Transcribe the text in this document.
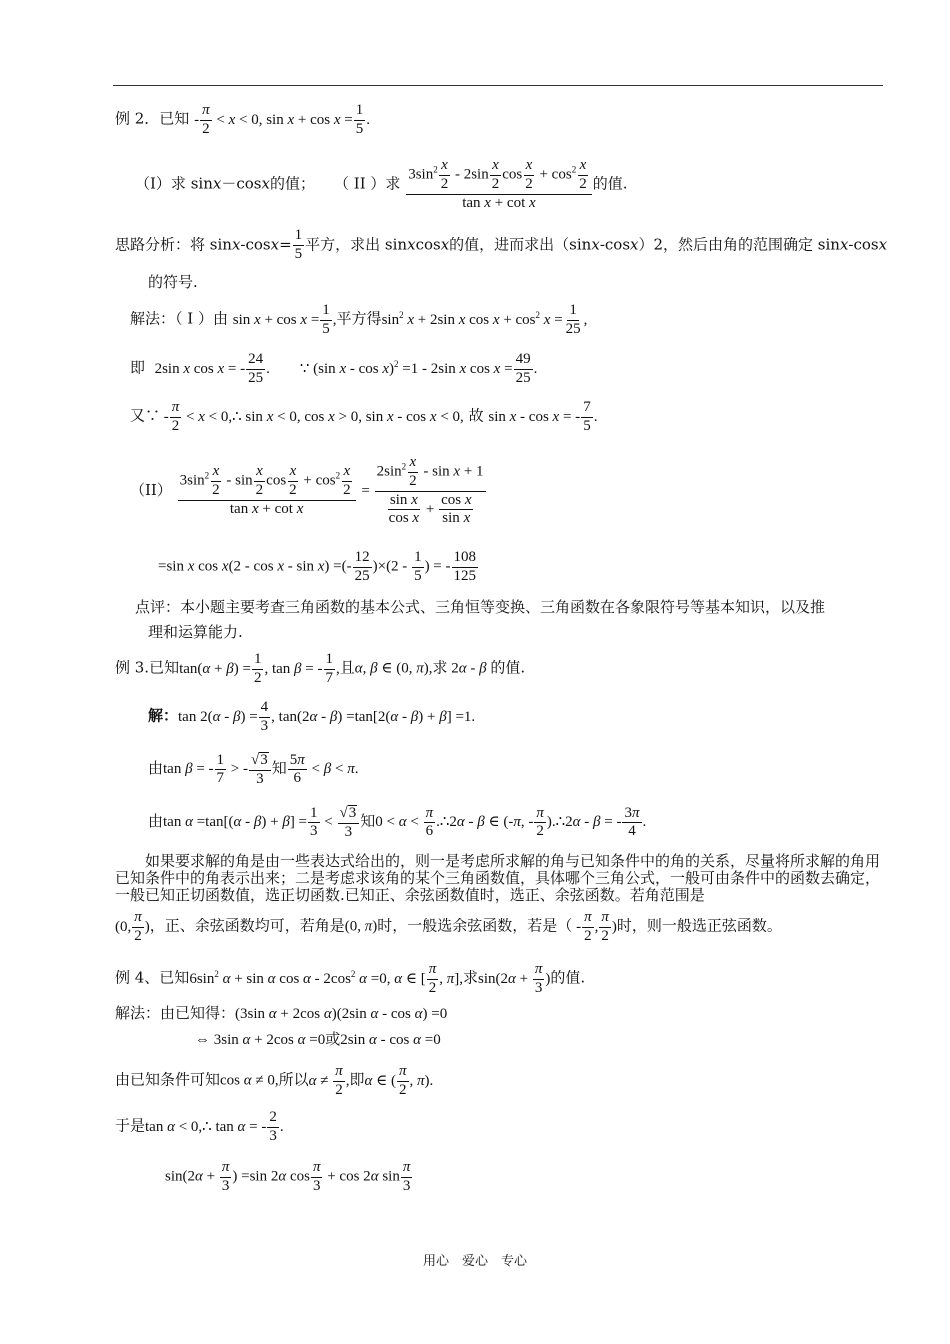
例 2．已知 - $\frac{\pi}{2} < x < 0$, $\sin x + \cos x = \frac{1}{5}$ .
（I）求 sinx－cosx的值； （ II ）求 $\frac{3\sin^2 \frac{x}{2} - 2\sin \frac{x}{2} \cos \frac{x}{2} + \cos^2 \frac{x}{2}}{\text{tan x + cot x}}$ 的值.
思路分析：将 $\sin x-\cos x= \frac{1}{5}$ 平方，求出 sinxcosx的值，进而求出（sinx-cosx）2，然后由角的范围确定 sinx-cosx
的符号.
解法：（ I ）由 $\sin x + \cos x = \frac{1}{5}$ ,平方得$\sin^2 x + 2\sin$ x $\cos x + \cos^2 x = \frac{1}{25}$ ,
即 2sin x cos x = - $\frac{24}{25}$ .        ∵ (sin x - cos x)$^2$ =1 - 2sin x $\cos x = \frac{49}{25}$ .
又∵ - $\frac{\pi}{2} < x$ < 0,∴ sin x < 0, cos x > 0, sin x - cos x < 0, 故 sin x - cos x = - $\frac{7}{5}$ .
$(II) \frac{3\sin^2 \frac{x}{2} - \sin \frac{x}{2} \cos \frac{x}{2} + \cos^2 \frac{x}{2}}{\text{tan x + cot x}} = \frac{2\sin^2 \frac{x}{2} - \sin x + 1}{\frac{\text{sin x}}{\text{cos x}} + \frac{\text{cos x}}{\text{sin x}}}$
=sin x cos x(2 - cos x - sin x) =(- $\frac{12}{25} )\times(2 - \frac{1}{5}$ ) = - $\frac{108}{125}$
点评：本小题主要考查三角函数的基本公式、三角恒等变换、三角函数在各象限符号等基本知识，以及推
理和运算能力.
例 3.已知$\tan(\alpha + \beta) = \frac{1}{2}$ , tan β = - $\frac{1}{7}$ ,且α, β ∈ (0, π),求 2α - β 的值.
解：$\tan 2(\alpha - \beta) = \frac{4}{3}$ , tan(2α - β) =tan[2(α - β) + β] =1.
由tan β = - $\frac{1}{7}$ > - $\frac{√3}{3}$ 知 $\frac{5\pi}{6} < \beta < \pi$.
由$\tan \alpha =\tan[(\alpha - \beta) + \beta] = \frac{1}{3} < \frac{√3}{3}$ 知$0 < \alpha < \frac{\pi}{6}$ .∴2α - β ∈ (-π, - $\frac{\pi}{2}$ ).∴2α - β = - $\frac{3\pi}{4}$ .
如果要求解的角是由一些表达式给出的，则一是考虑所求解的角与已知条件中的角的关系，尽量将所求解的角用已知条件中的角表示出来；二是考虑求该角的某个三角函数值，具体哪个三角公式，一般可由条件中的函数去确定，一般已知正切函数值，选正切函数.已知正、余弦函数值时，选正、余弦函数。若角范围是
(0, $\frac{\pi}{2}$ )，正、余弦函数均可，若角是(0, π)时，一般选余弦函数，若是（ - $\frac{\pi}{2}$ , $\frac{\pi}{2}$ )时，则一般选正弦函数。
例 4、已知$6\sin^2$ α + sin α cos α - $2\cos^2$ α =0, α ∈ [ $\frac{\pi}{2}$ , π],求$\sin(2\alpha + \frac{\pi}{3}$ )的值.
解法：由已知得：(3sin α + 2cos α)(2sin α - cos α) =0
⇔ 3sin α + 2cos α =0或2sin α - cos α =0
由已知条件可知cos α ≠ 0,所以$\alpha \ne \frac{\pi}{2}$ ,即α ∈ ( $\frac{\pi}{2}$ , π).
于是tan α < 0,∴ tan α = - $\frac{2}{3}$ .
$\sin(2\alpha + \frac{\pi}{3}$ ) =sin 2α $\cos \frac{\pi}{3} + \cos 2\alpha$ $\sin \frac{\pi}{3}$
用心　爱心　专心
